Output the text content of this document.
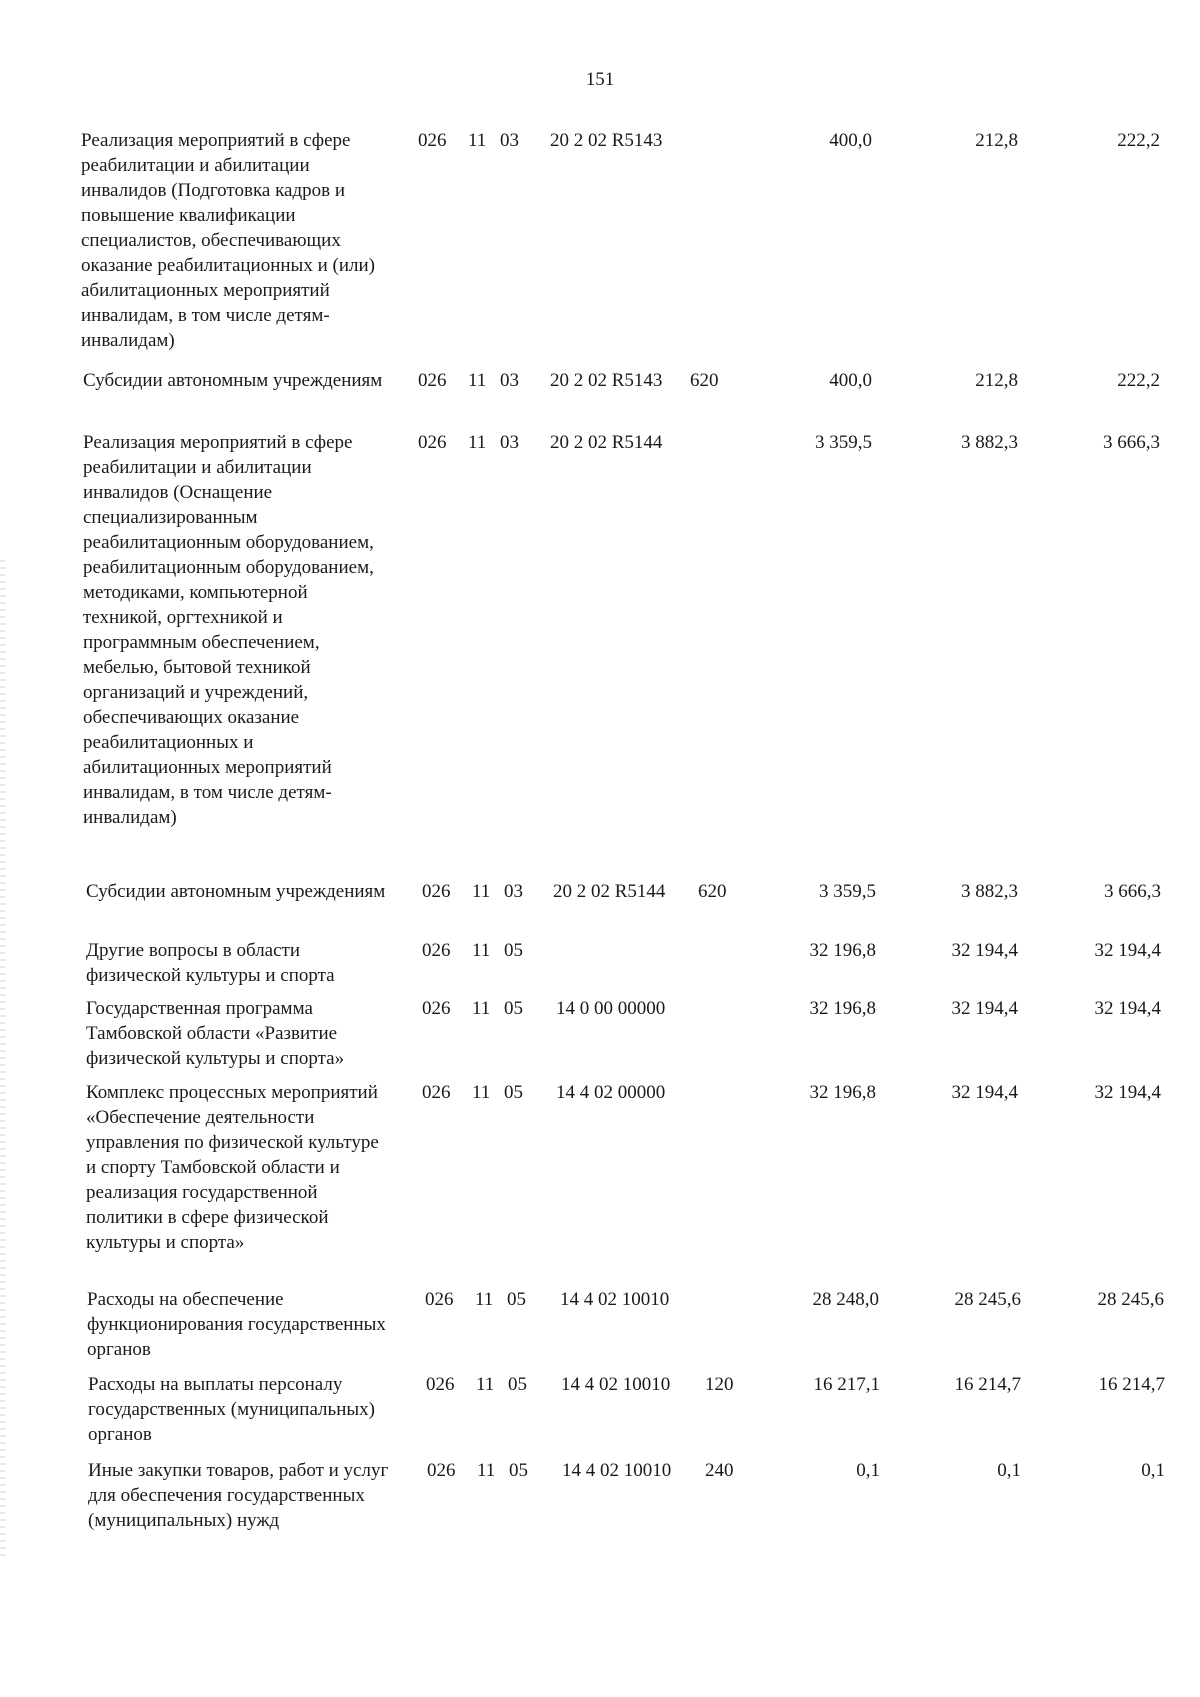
151
Реализация мероприятий в сфере реабилитации и абилитации инвалидов (Подготовка кадров и повышение квалификации специалистов, обеспечивающих оказание реабилитационных и (или) абилитационных мероприятий инвалидам, в том числе детям-инвалидам)
026 11 03 20 2 02 R5143	400,0	212,8	222,2
Субсидии автономным учреждениям 026 11 03 20 2 02 R5143 620	400,0	212,8	222,2
Реализация мероприятий в сфере реабилитации и абилитации инвалидов (Оснащение специализированным реабилитационным оборудованием, реабилитационным оборудованием, методиками, компьютерной техникой, оргтехникой и программным обеспечением, мебелью, бытовой техникой организаций и учреждений, обеспечивающих оказание реабилитационных и абилитационных мероприятий инвалидам, в том числе детям-инвалидам)
026 11 03 20 2 02 R5144	3 359,5	3 882,3	3 666,3
Субсидии автономным учреждениям 026 11 03 20 2 02 R5144 620	3 359,5	3 882,3	3 666,3
Другие вопросы в области физической культуры и спорта
026 11 05	32 196,8	32 194,4	32 194,4
Государственная программа Тамбовской области «Развитие физической культуры и спорта»
026 11 05 14 0 00 00000	32 196,8	32 194,4	32 194,4
Комплекс процессных мероприятий «Обеспечение деятельности управления по физической культуре и спорту Тамбовской области и реализация государственной политики в сфере физической культуры и спорта»
026 11 05 14 4 02 00000	32 196,8	32 194,4	32 194,4
Расходы на обеспечение функционирования государственных органов
026 11 05 14 4 02 10010	28 248,0	28 245,6	28 245,6
Расходы на выплаты персоналу государственных (муниципальных) органов
026 11 05 14 4 02 10010 120	16 217,1	16 214,7	16 214,7
Иные закупки товаров, работ и услуг для обеспечения государственных (муниципальных) нужд
026 11 05 14 4 02 10010 240	0,1	0,1	0,1
